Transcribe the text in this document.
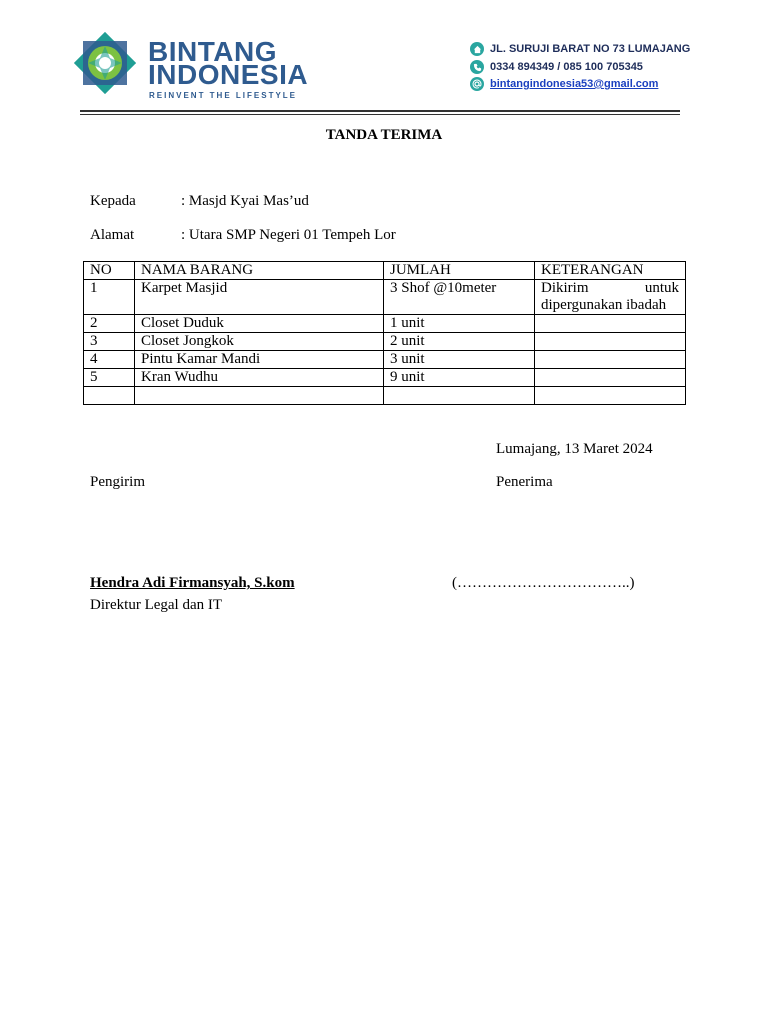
BINTANG
INDONESIA
REINVENT THE LIFESTYLE
JL. SURUJI BARAT NO 73 LUMAJANG
0334 894349 / 085 100 705345
bintangindonesia53@gmail.com
TANDA TERIMA
Kepada	: Masjd Kyai Mas’ud
Alamat	: Utara SMP Negeri 01 Tempeh Lor
NO	NAMA BARANG	JUMLAH	KETERANGAN
1	Karpet Masjid	3 Shof @10meter	Dikirim untuk dipergunakan ibadah
2	Closet Duduk	1 unit	
3	Closet Jongkok	2 unit	
4	Pintu Kamar Mandi	3 unit	
5	Kran Wudhu	9 unit	

Lumajang, 13 Maret 2024
Pengirim	Penerima
Hendra Adi Firmansyah, S.kom	(……………………………..)
Direktur Legal dan IT
